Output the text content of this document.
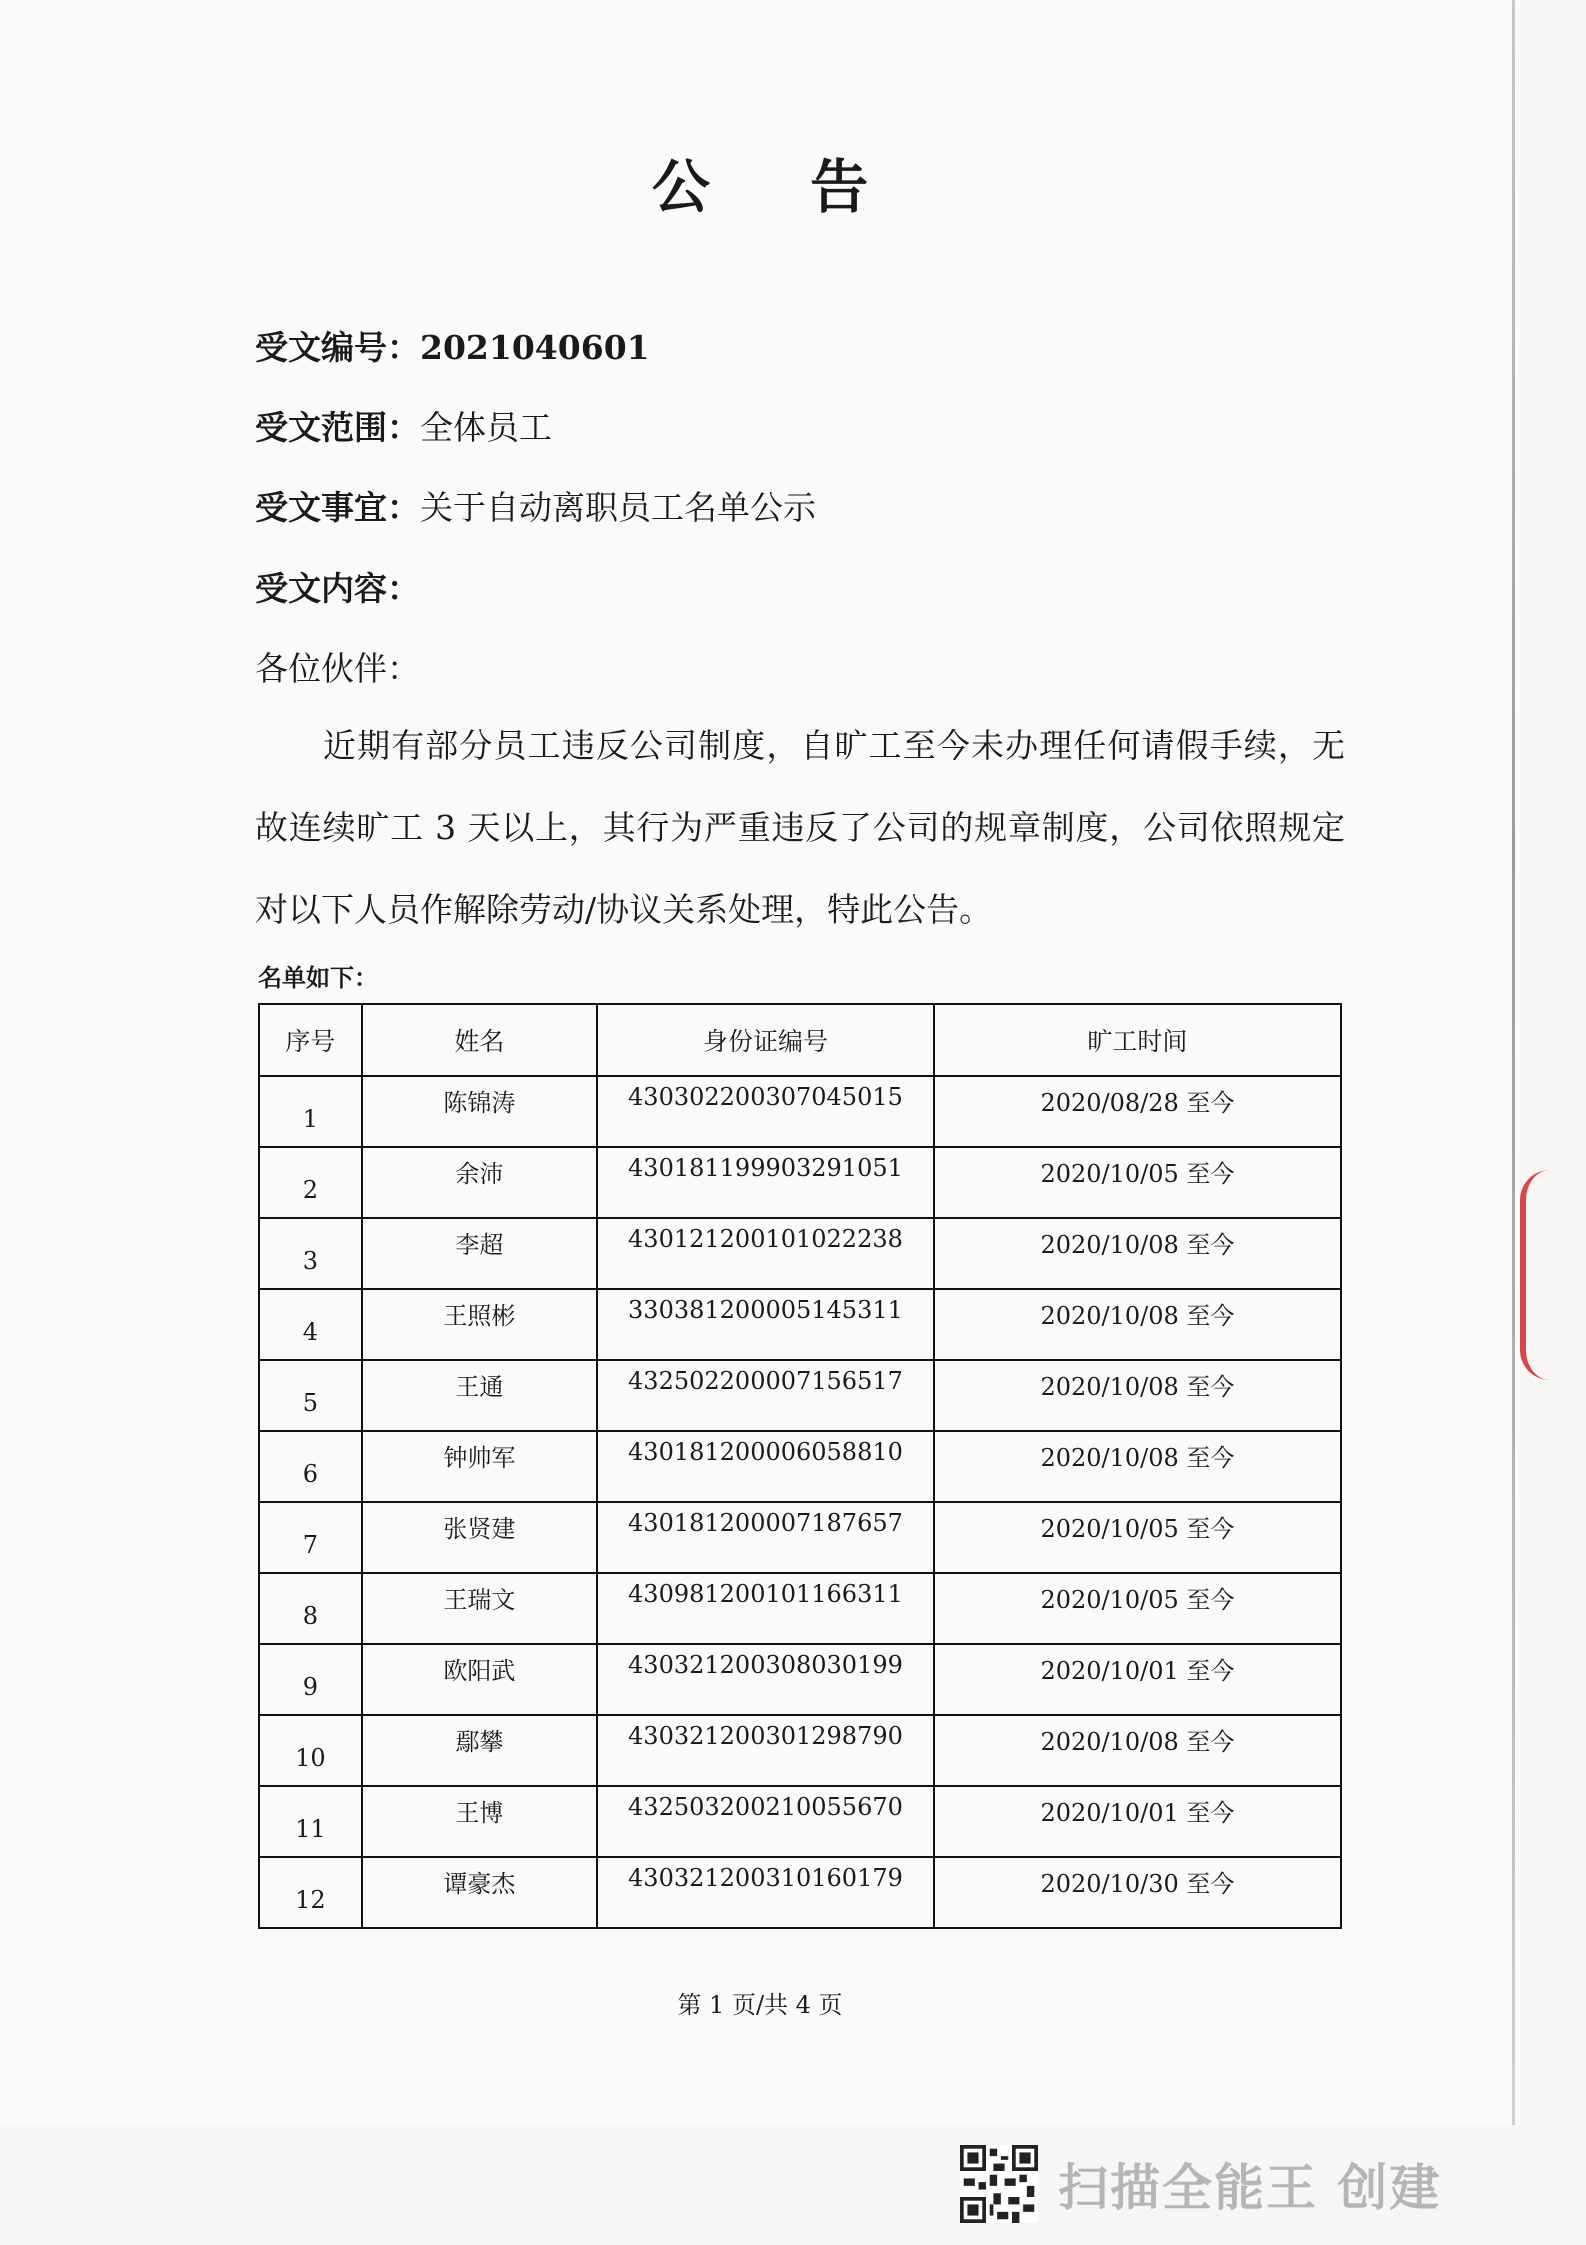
公 告
受文编号：2021040601
受文范围：全体员工
受文事宜：关于自动离职员工名单公示
受文内容：
各位伙伴：
近期有部分员工违反公司制度，自旷工至今未办理任何请假手续，无故连续旷工 3 天以上，其行为严重违反了公司的规章制度，公司依照规定对以下人员作解除劳动/协议关系处理，特此公告。
名单如下：
序号	姓名	身份证编号	旷工时间
1	陈锦涛	430302200307045015	2020/08/28 至今
2	余沛	430181199903291051	2020/10/05 至今
3	李超	430121200101022238	2020/10/08 至今
4	王照彬	330381200005145311	2020/10/08 至今
5	王通	432502200007156517	2020/10/08 至今
6	钟帅军	430181200006058810	2020/10/08 至今
7	张贤建	430181200007187657	2020/10/05 至今
8	王瑞文	430981200101166311	2020/10/05 至今
9	欧阳武	430321200308030199	2020/10/01 至今
10	鄢攀	430321200301298790	2020/10/08 至今
11	王博	432503200210055670	2020/10/01 至今
12	谭豪杰	430321200310160179	2020/10/30 至今
第 1 页/共 4 页
扫描全能王 创建
